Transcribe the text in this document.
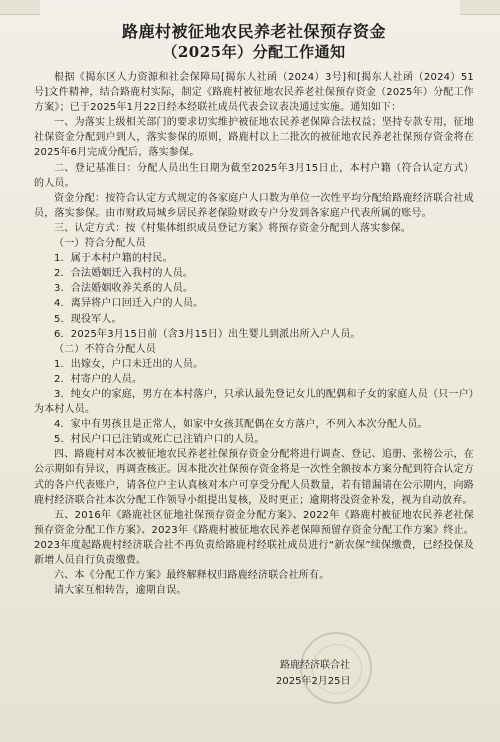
路鹿村被征地农民养老社保预存资金
（2025年）分配工作通知

根据《揭东区人力资源和社会保障局[揭东人社函（2024）3号]和[揭东人社函（2024）51号]文件精神，结合路鹿村实际，制定《路鹿村被征地农民养老社保预存资金（2025年）分配工作方案》；已于2025年1月22日经本经联社成员代表会议表决通过实施。通知如下：

一、为落实上级相关部门的要求切实维护被征地农民养老保障合法权益；坚持专款专用，征地社保资金分配到户到人，落实参保的原则，路鹿村以上二批次的被征地农民养老社保预存资金将在2025年6月完成分配后，落实参保。

二、登记基准日：分配人员出生日期为截至2025年3月15日止，本村户籍（符合认定方式）的人员。

资金分配：按符合认定方式规定的各家庭户人口数为单位一次性平均分配给路鹿经济联合社成员，落实参保。由市财政局城乡居民养老保险财政专户分发到各家庭户代表所属的账号。

三、认定方式：按《村集体组织成员登记方案》将预存资金分配到人落实参保。

（一）符合分配人员

1．属于本村户籍的村民。

2．合法婚姻迁入我村的人员。

3．合法婚姻收养关系的人员。

4．离异将户口回迁入户的人员。

5．现役军人。

6．2025年3月15日前（含3月15日）出生婴儿到派出所入户人员。

（二）不符合分配人员

1．出嫁女，户口未迁出的人员。

2．村寄户的人员。

3．纯女户的家庭，男方在本村落户，只承认最先登记女儿的配偶和子女的家庭人员（只一户）为本村人员。

4．家中有男孩且是正常人，如家中女孩其配偶在女方落户，不列入本次分配人员。

5．村民户口已注销或死亡已注销户口的人员。

四、路鹿村对本次被征地农民养老社保预存资金分配将进行调查、登记、追册、张榜公示，在公示期如有异议，再调查核正。因本批次社保预存资金将是一次性全额按本方案分配到符合认定方式的各户代表账户，请各位户主认真核对本户可享受分配人员数量，若有错漏请在公示期内，向路鹿村经济联合社本次分配工作领导小组提出复核，及时更正；逾期将没资金补发，视为自动放弃。

五、2016年《路鹿社区征地社保预存资金分配方案》、2022年《路鹿村被征地农民养老社保预存资金分配工作方案》、2023年《路鹿村被征地农民养老保障预留存资金分配工作方案》终止。2023年度起路鹿村经济联合社不再负责给路鹿村经联社成员进行“新农保”续保缴费，已经投保及新增人员自行负责缴费。

六、本《分配工作方案》最终解释权归路鹿经济联合社所有。

请大家互相转告，逾期自误。

路鹿经济联合社
2025年2月25日
